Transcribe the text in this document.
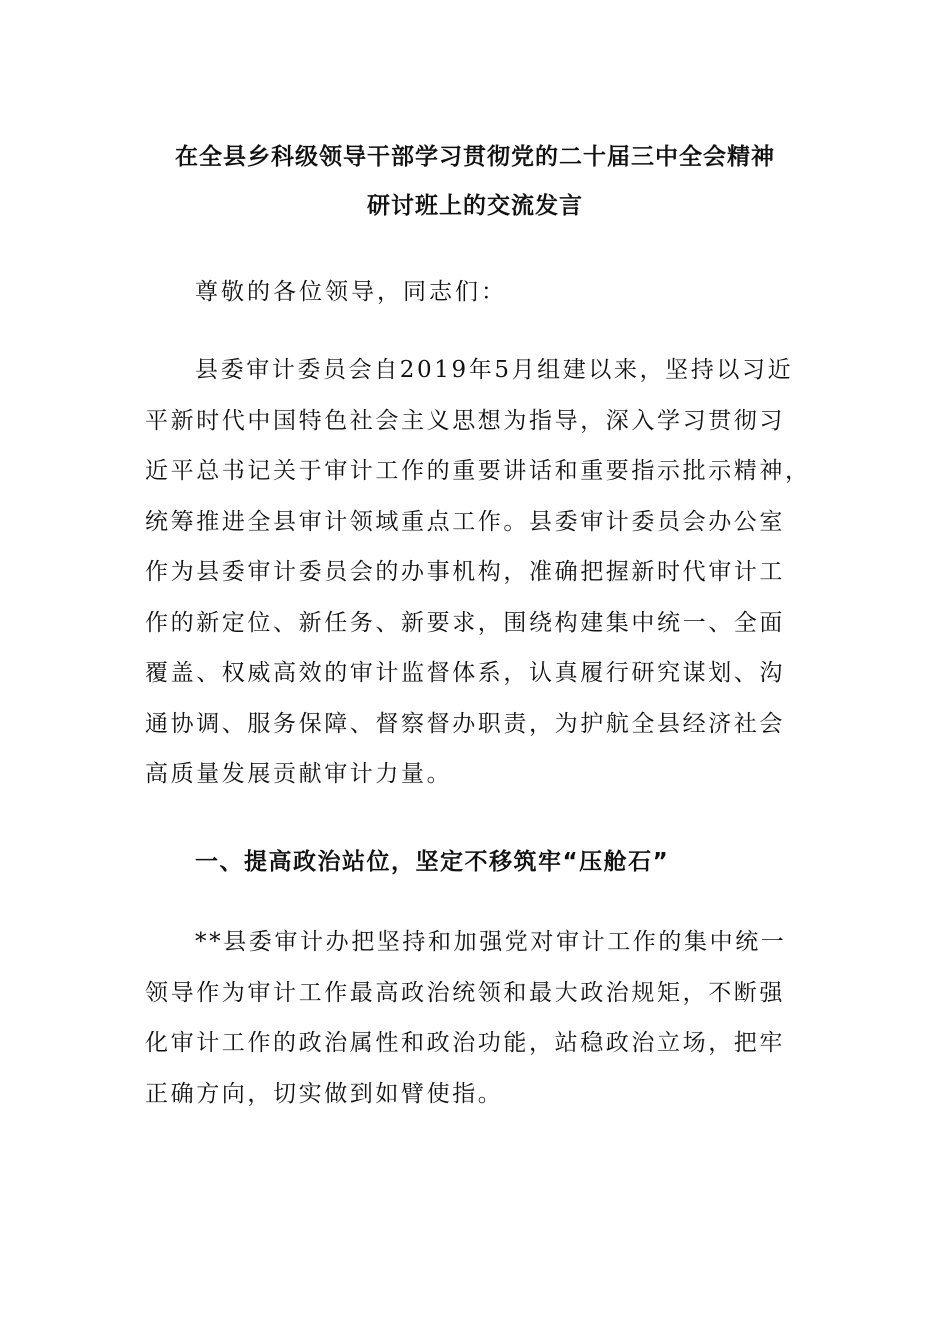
在全县乡科级领导干部学习贯彻党的二十届三中全会精神
研讨班上的交流发言
尊敬的各位领导，同志们：
县委审计委员会自2019年5月组建以来，坚持以习近
平新时代中国特色社会主义思想为指导，深入学习贯彻习
近平总书记关于审计工作的重要讲话和重要指示批示精神，
统筹推进全县审计领域重点工作。县委审计委员会办公室
作为县委审计委员会的办事机构，准确把握新时代审计工
作的新定位、新任务、新要求，围绕构建集中统一、全面
覆盖、权威高效的审计监督体系，认真履行研究谋划、沟
通协调、服务保障、督察督办职责，为护航全县经济社会
高质量发展贡献审计力量。
一、提高政治站位，坚定不移筑牢“压舱石”
**县委审计办把坚持和加强党对审计工作的集中统一
领导作为审计工作最高政治统领和最大政治规矩，不断强
化审计工作的政治属性和政治功能，站稳政治立场，把牢
正确方向，切实做到如臂使指。
